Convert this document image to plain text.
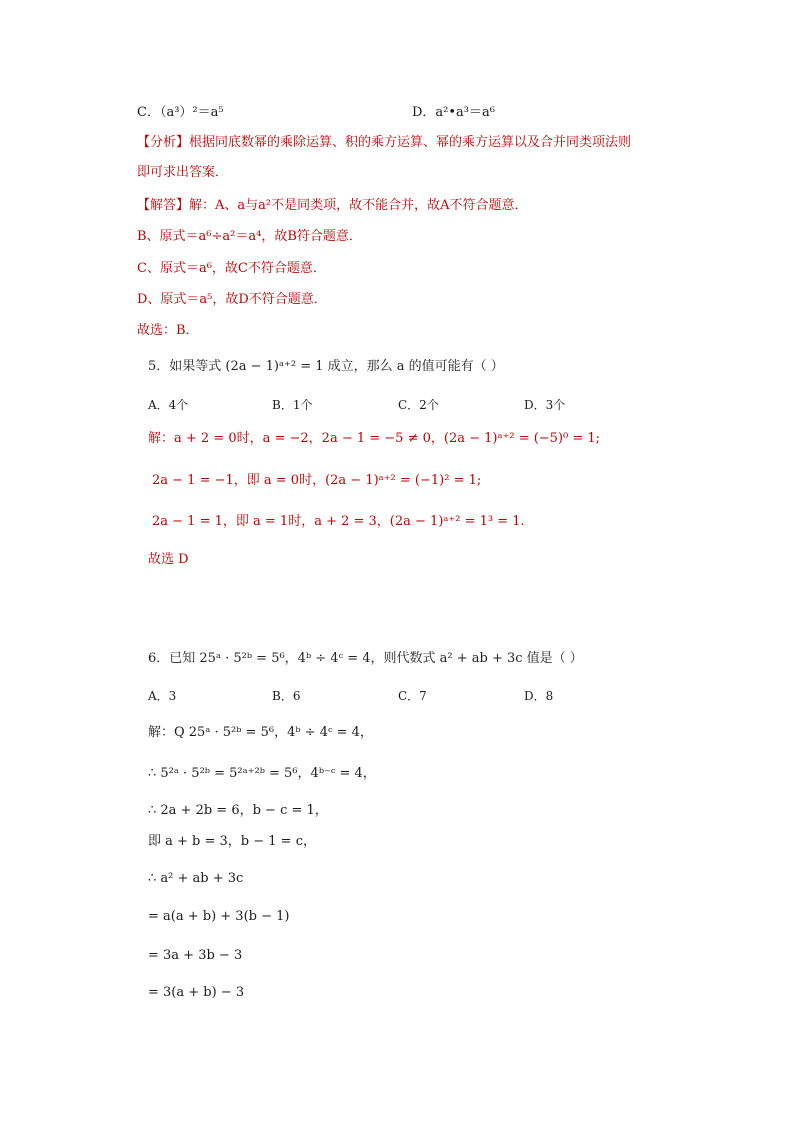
C．（a³）²＝a⁵	D．a²•a³＝a⁶
【分析】根据同底数幂的乘除运算、积的乘方运算、幂的乘方运算以及合并同类项法则
即可求出答案．
【解答】解：A、a与a²不是同类项，故不能合并，故A不符合题意．
B、原式＝a⁶÷a²＝a⁴，故B符合题意．
C、原式＝a⁶，故C不符合题意．
D、原式＝a⁵，故D不符合题意．
故选：B．
5．如果等式 (2a − 1)ᵃ⁺² = 1 成立，那么 a 的值可能有（ ）
A．4个	B．1个	C．2个	D．3个
解：a + 2 = 0时，a = −2，2a − 1 = −5 ≠ 0，(2a − 1)ᵃ⁺² = (−5)⁰ = 1;
2a − 1 = −1，即 a = 0时，(2a − 1)ᵃ⁺² = (−1)² = 1;
2a − 1 = 1，即 a = 1时，a + 2 = 3，(2a − 1)ᵃ⁺² = 1³ = 1.
故选 D
6．已知 25ᵃ · 5²ᵇ = 5⁶，4ᵇ ÷ 4ᶜ = 4，则代数式 a² + ab + 3c 值是（ ）
A．3	B．6	C．7	D．8
解：Q 25ᵃ · 5²ᵇ = 5⁶，4ᵇ ÷ 4ᶜ = 4，
∴ 5²ᵃ · 5²ᵇ = 5²ᵃ⁺²ᵇ = 5⁶，4ᵇ⁻ᶜ = 4，
∴ 2a + 2b = 6，b − c = 1，
即 a + b = 3，b − 1 = c，
∴ a² + ab + 3c
= a(a + b) + 3(b − 1)
= 3a + 3b − 3
= 3(a + b) − 3
